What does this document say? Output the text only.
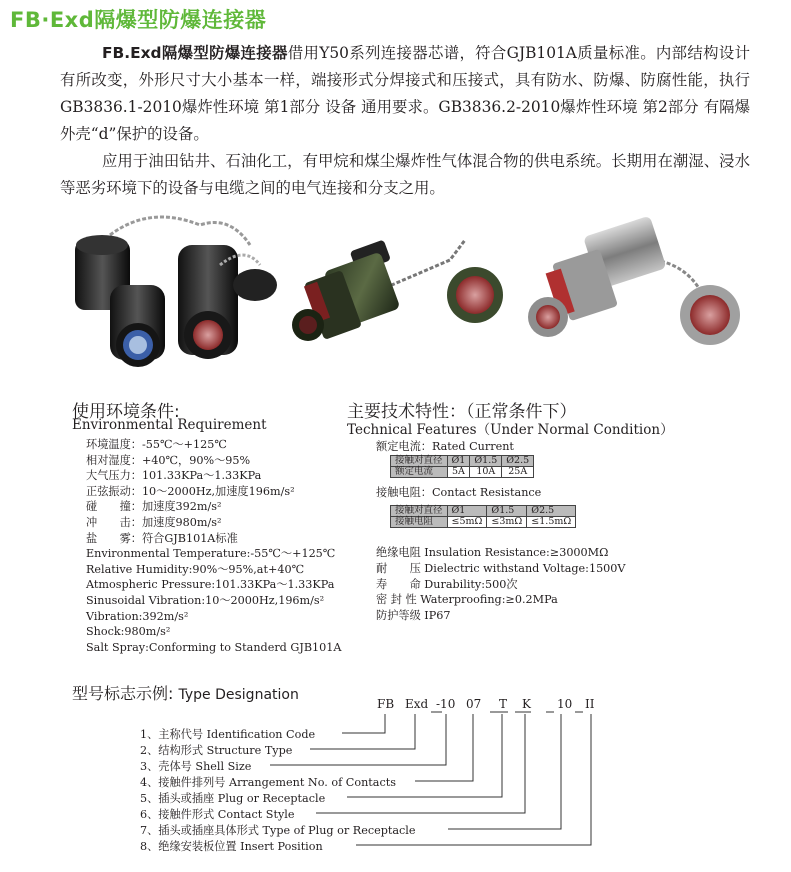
FB·Exd隔爆型防爆连接器

FB.Exd隔爆型防爆连接器借用Y50系列连接器芯谱，符合GJB101A质量标准。内部结构设计有所改变，外形尺寸大小基本一样，端接形式分焊接式和压接式，具有防水、防爆、防腐性能，执行GB3836.1-2010爆炸性环境 第1部分 设备 通用要求。GB3836.2-2010爆炸性环境 第2部分 有隔爆外壳“d”保护的设备。

应用于油田钻井、石油化工，有甲烷和煤尘爆炸性气体混合物的供电系统。长期用在潮湿、浸水等恶劣环境下的设备与电缆之间的电气连接和分支之用。

使用环境条件:
Environmental Requirement
环境温度：-55℃～+125℃
相对湿度：+40℃，90%～95%
大气压力：101.33KPa～1.33KPa
正弦振动：10～2000Hz,加速度196m/s²
碰　　撞：加速度392m/s²
冲　　击：加速度980m/s²
盐　　雾：符合GJB101A标准
Environmental Temperature:-55℃～+125℃
Relative Humidity:90%～95%,at+40℃
Atmospheric Pressure:101.33KPa～1.33KPa
Sinusoidal Vibration:10～2000Hz,196m/s²
Vibration:392m/s²
Shock:980m/s²
Salt Spray:Conforming to Standerd GJB101A
主要技术特性：（正常条件下）
Technical Features（Under Normal Condition）
额定电流：Rated Current
接触对直径	Ø1	Ø1.5	Ø2.5
额定电流	5A	10A	25A
接触电阻：Contact Resistance
接触对直径	Ø1	Ø1.5	Ø2.5
接触电阻	≤5mΩ	≤3mΩ	≤1.5mΩ
绝缘电阻 Insulation Resistance:≥3000MΩ
耐　　压 Dielectric withstand Voltage:1500V
寿　　命 Durability:500次
密 封 性 Waterproofing:≥0.2MPa
防护等级 IP67
型号标志示例: Type Designation
FB Exd -10 07 T K 10 II
1、主称代号 Identification Code
2、结构形式 Structure Type
3、壳体号 Shell Size
4、接触件排列号 Arrangement No. of Contacts
5、插头或插座 Plug or Receptacle
6、接触件形式 Contact Style
7、插头或插座具体形式 Type of Plug or Receptacle
8、绝缘安装板位置 Insert Position
